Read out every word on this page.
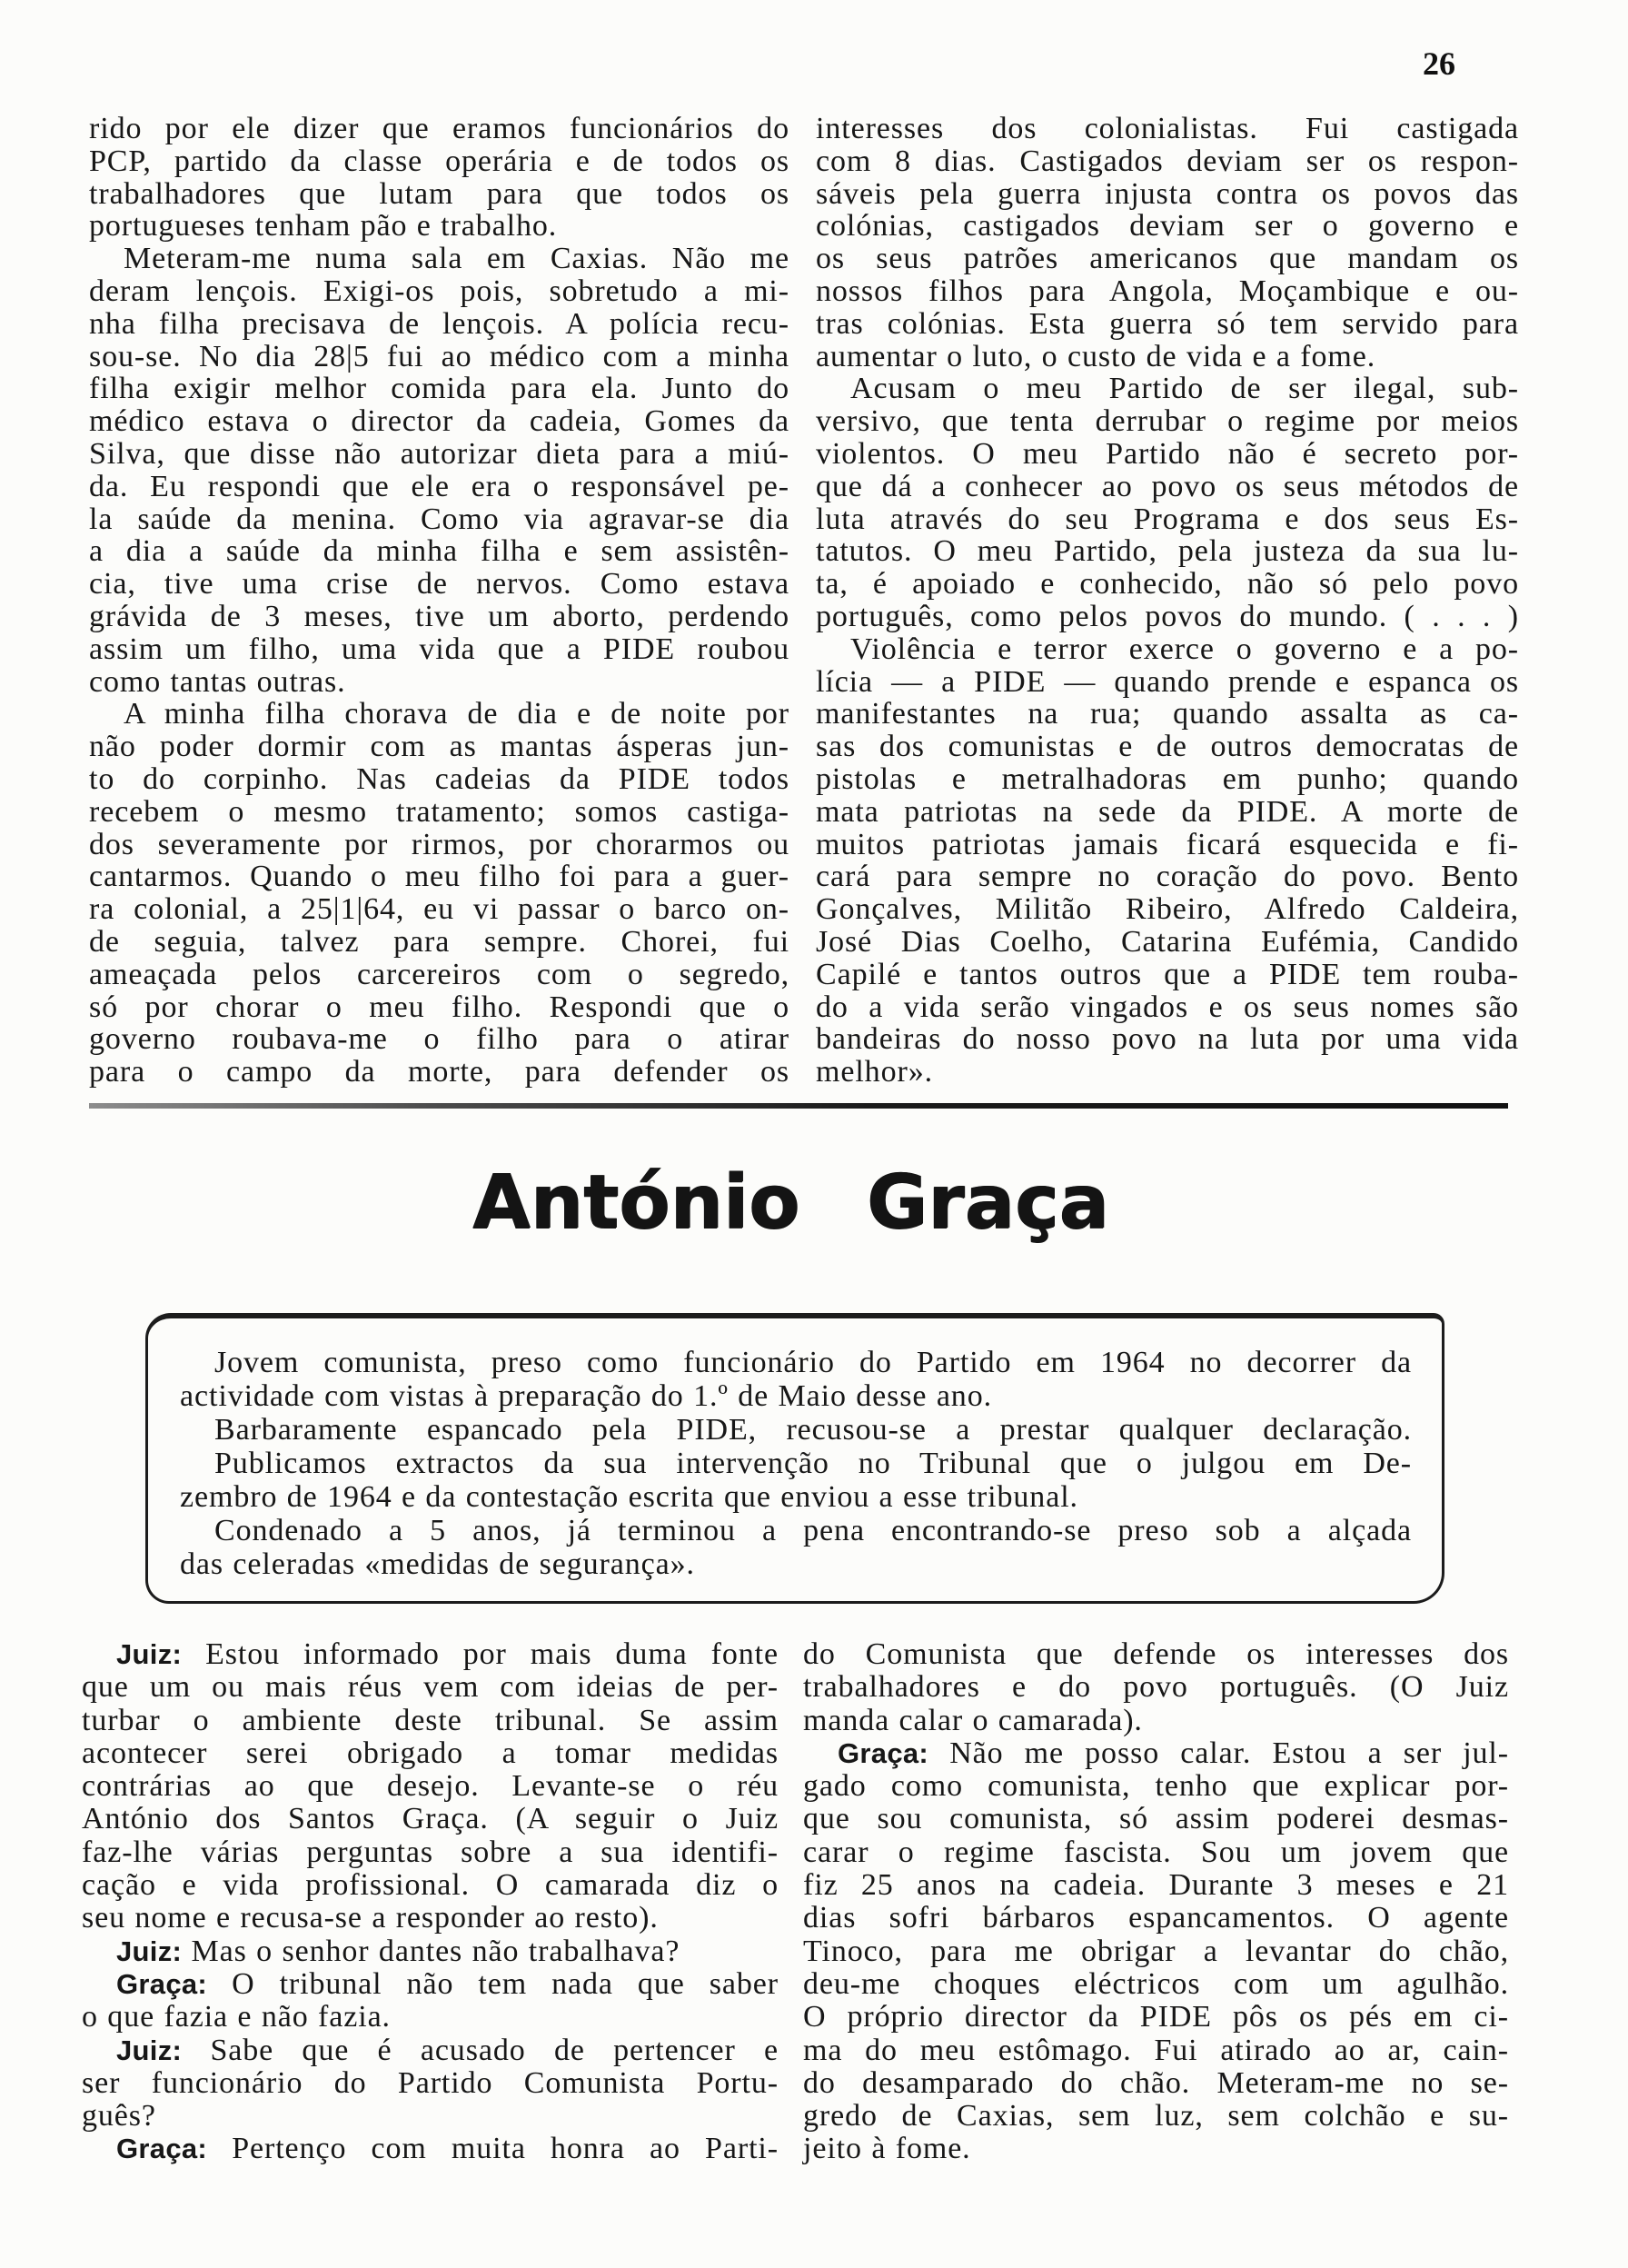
26
rido por ele dizer que eramos funcionários do
PCP, partido da classe operária e de todos os
trabalhadores que lutam para que todos os
portugueses tenham pão e trabalho.
Meteram-me numa sala em Caxias. Não me
deram lençois. Exigi-os pois, sobretudo a mi-
nha filha precisava de lençois. A polícia recu-
sou-se. No dia 28|5 fui ao médico com a minha
filha exigir melhor comida para ela. Junto do
médico estava o director da cadeia, Gomes da
Silva, que disse não autorizar dieta para a miú-
da. Eu respondi que ele era o responsável pe-
la saúde da menina. Como via agravar-se dia
a dia a saúde da minha filha e sem assistên-
cia, tive uma crise de nervos. Como estava
grávida de 3 meses, tive um aborto, perdendo
assim um filho, uma vida que a PIDE roubou
como tantas outras.
A minha filha chorava de dia e de noite por
não poder dormir com as mantas ásperas jun-
to do corpinho. Nas cadeias da PIDE todos
recebem o mesmo tratamento; somos castiga-
dos severamente por rirmos, por chorarmos ou
cantarmos. Quando o meu filho foi para a guer-
ra colonial, a 25|1|64, eu vi passar o barco on-
de seguia, talvez para sempre. Chorei, fui
ameaçada pelos carcereiros com o segredo,
só por chorar o meu filho. Respondi que o
governo roubava-me o filho para o atirar
para o campo da morte, para defender os
interesses dos colonialistas. Fui castigada
com 8 dias. Castigados deviam ser os respon-
sáveis pela guerra injusta contra os povos das
colónias, castigados deviam ser o governo e
os seus patrões americanos que mandam os
nossos filhos para Angola, Moçambique e ou-
tras colónias. Esta guerra só tem servido para
aumentar o luto, o custo de vida e a fome.
Acusam o meu Partido de ser ilegal, sub-
versivo, que tenta derrubar o regime por meios
violentos. O meu Partido não é secreto por-
que dá a conhecer ao povo os seus métodos de
luta através do seu Programa e dos seus Es-
tatutos. O meu Partido, pela justeza da sua lu-
ta, é apoiado e conhecido, não só pelo povo
português, como pelos povos do mundo. ( . . . )
Violência e terror exerce o governo e a po-
lícia — a PIDE — quando prende e espanca os
manifestantes na rua; quando assalta as ca-
sas dos comunistas e de outros democratas de
pistolas e metralhadoras em punho; quando
mata patriotas na sede da PIDE. A morte de
muitos patriotas jamais ficará esquecida e fi-
cará para sempre no coração do povo. Bento
Gonçalves, Militão Ribeiro, Alfredo Caldeira,
José Dias Coelho, Catarina Eufémia, Candido
Capilé e tantos outros que a PIDE tem rouba-
do a vida serão vingados e os seus nomes são
bandeiras do nosso povo na luta por uma vida
melhor».
António Graça
Jovem comunista, preso como funcionário do Partido em 1964 no decorrer da
actividade com vistas à preparação do 1.º de Maio desse ano.
Barbaramente espancado pela PIDE, recusou-se a prestar qualquer declaração.
Publicamos extractos da sua intervenção no Tribunal que o julgou em De-
zembro de 1964 e da contestação escrita que enviou a esse tribunal.
Condenado a 5 anos, já terminou a pena encontrando-se preso sob a alçada
das celeradas «medidas de segurança».
Juiz: Estou informado por mais duma fonte
que um ou mais réus vem com ideias de per-
turbar o ambiente deste tribunal. Se assim
acontecer serei obrigado a tomar medidas
contrárias ao que desejo. Levante-se o réu
António dos Santos Graça. (A seguir o Juiz
faz-lhe várias perguntas sobre a sua identifi-
cação e vida profissional. O camarada diz o
seu nome e recusa-se a responder ao resto).
Juiz: Mas o senhor dantes não trabalhava?
Graça: O tribunal não tem nada que saber
o que fazia e não fazia.
Juiz: Sabe que é acusado de pertencer e
ser funcionário do Partido Comunista Portu-
guês?
Graça: Pertenço com muita honra ao Parti-
do Comunista que defende os interesses dos
trabalhadores e do povo português. (O Juiz
manda calar o camarada).
Graça: Não me posso calar. Estou a ser jul-
gado como comunista, tenho que explicar por-
que sou comunista, só assim poderei desmas-
carar o regime fascista. Sou um jovem que
fiz 25 anos na cadeia. Durante 3 meses e 21
dias sofri bárbaros espancamentos. O agente
Tinoco, para me obrigar a levantar do chão,
deu-me choques eléctricos com um agulhão.
O próprio director da PIDE pôs os pés em ci-
ma do meu estômago. Fui atirado ao ar, cain-
do desamparado do chão. Meteram-me no se-
gredo de Caxias, sem luz, sem colchão e su-
jeito à fome.
